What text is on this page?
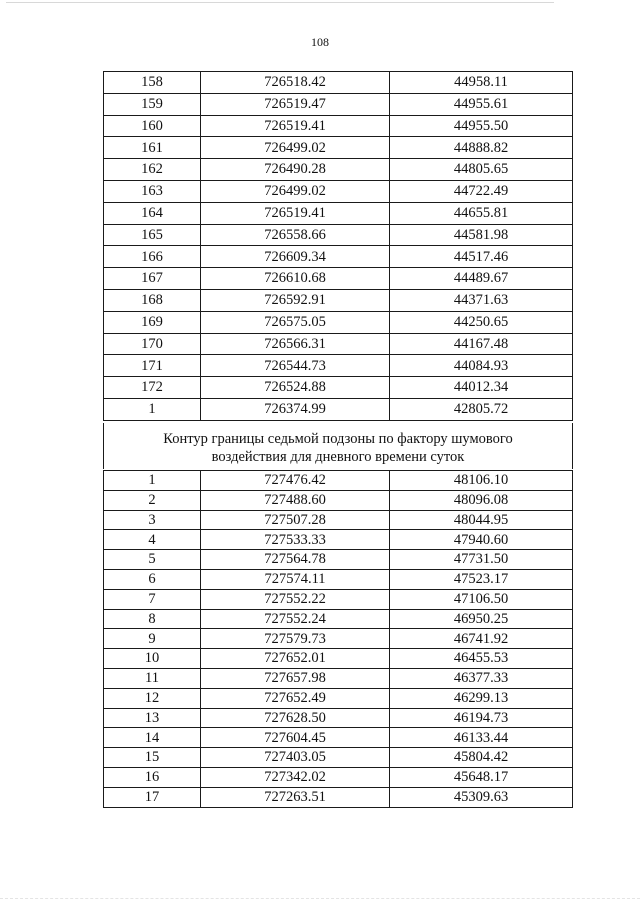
108
158	726518.42	44958.11
159	726519.47	44955.61
160	726519.41	44955.50
161	726499.02	44888.82
162	726490.28	44805.65
163	726499.02	44722.49
164	726519.41	44655.81
165	726558.66	44581.98
166	726609.34	44517.46
167	726610.68	44489.67
168	726592.91	44371.63
169	726575.05	44250.65
170	726566.31	44167.48
171	726544.73	44084.93
172	726524.88	44012.34
1	726374.99	42805.72
Контур границы седьмой подзоны по фактору шумового
воздействия для дневного времени суток
1	727476.42	48106.10
2	727488.60	48096.08
3	727507.28	48044.95
4	727533.33	47940.60
5	727564.78	47731.50
6	727574.11	47523.17
7	727552.22	47106.50
8	727552.24	46950.25
9	727579.73	46741.92
10	727652.01	46455.53
11	727657.98	46377.33
12	727652.49	46299.13
13	727628.50	46194.73
14	727604.45	46133.44
15	727403.05	45804.42
16	727342.02	45648.17
17	727263.51	45309.63
